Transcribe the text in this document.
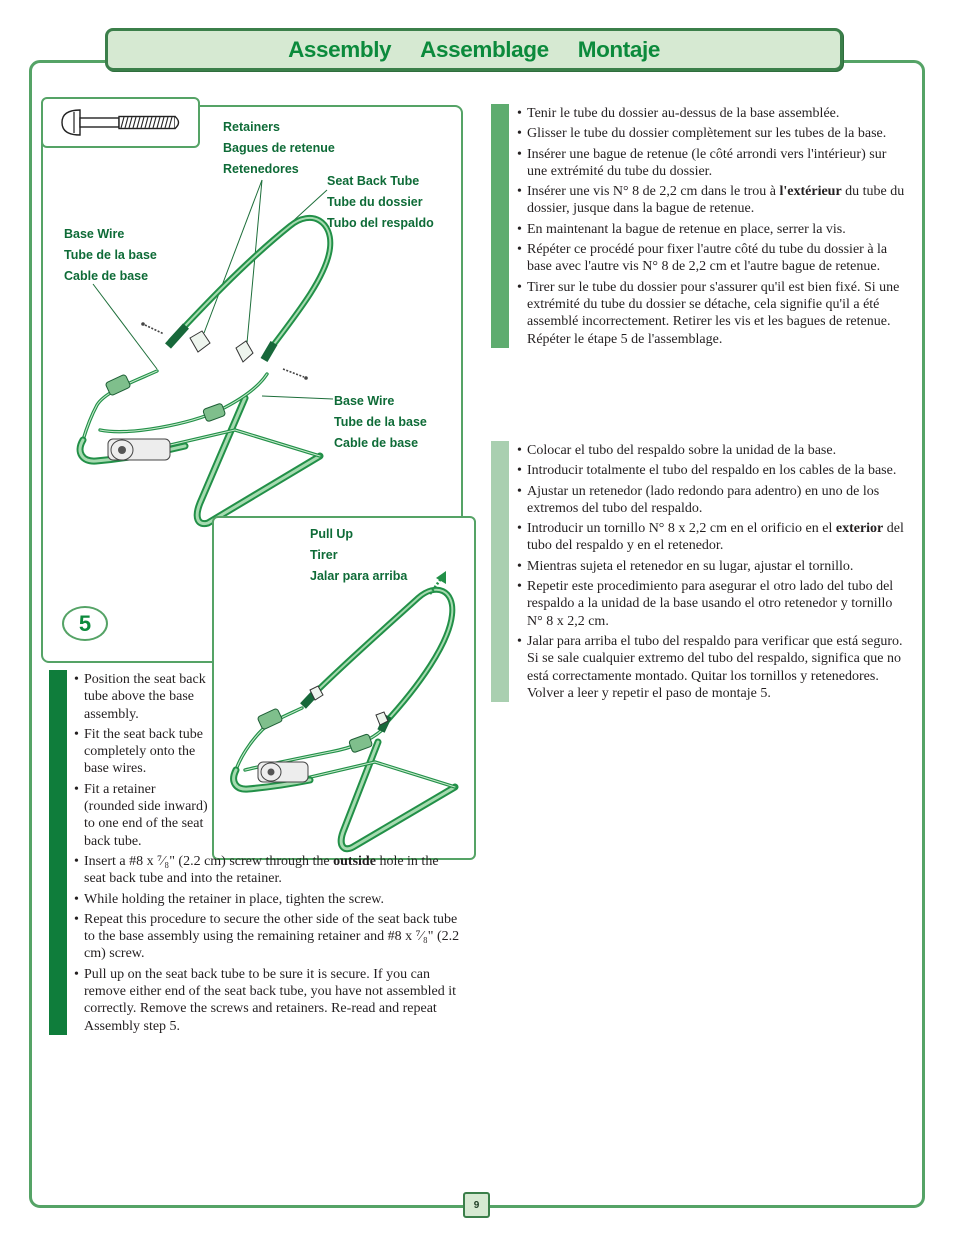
Assembly Assemblage Montaje
Retainers
Bagues de retenue
Retenedores
Seat Back Tube
Tube du dossier
Tubo del respaldo
Base Wire
Tube de la base
Cable de base
Base Wire
Tube de la base
Cable de base
5
Pull Up
Tirer
Jalar para arriba
• Position the seat back tube above the base assembly.
• Fit the seat back tube completely onto the base wires.
• Fit a retainer (rounded side inward) to one end of the seat back tube.
• Insert a #8 x ⁷⁄₈" (2.2 cm) screw through the outside hole in the seat back tube and into the retainer.
• While holding the retainer in place, tighten the screw.
• Repeat this procedure to secure the other side of the seat back tube to the base assembly using the remaining retainer and #8 x ⁷⁄₈" (2.2 cm) screw.
• Pull up on the seat back tube to be sure it is secure. If you can remove either end of the seat back tube, you have not assembled it correctly. Remove the screws and retainers. Re-read and repeat Assembly step 5.
• Tenir le tube du dossier au-dessus de la base assemblée.
• Glisser le tube du dossier complètement sur les tubes de la base.
• Insérer une bague de retenue (le côté arrondi vers l'intérieur) sur une extrémité du tube du dossier.
• Insérer une vis N° 8 de 2,2 cm dans le trou à l'extérieur du tube du dossier, jusque dans la bague de retenue.
• En maintenant la bague de retenue en place, serrer la vis.
• Répéter ce procédé pour fixer l'autre côté du tube du dossier à la base avec l'autre vis N° 8 de 2,2 cm et l'autre bague de retenue.
• Tirer sur le tube du dossier pour s'assurer qu'il est bien fixé. Si une extrémité du tube du dossier se détache, cela signifie qu'il a été assemblé incorrectement. Retirer les vis et les bagues de retenue. Répéter le étape 5 de l'assemblage.
• Colocar el tubo del respaldo sobre la unidad de la base.
• Introducir totalmente el tubo del respaldo en los cables de la base.
• Ajustar un retenedor (lado redondo para adentro) en uno de los extremos del tubo del respaldo.
• Introducir un tornillo N° 8 x 2,2 cm en el orificio en el exterior del tubo del respaldo y en el retenedor.
• Mientras sujeta el retenedor en su lugar, ajustar el tornillo.
• Repetir este procedimiento para asegurar el otro lado del tubo del respaldo a la unidad de la base usando el otro retenedor y tornillo N° 8 x 2,2 cm.
• Jalar para arriba el tubo del respaldo para verificar que está seguro. Si se sale cualquier extremo del tubo del respaldo, significa que no está correctamente montado. Quitar los tornillos y retenedores. Volver a leer y repetir el paso de montaje 5.
9
